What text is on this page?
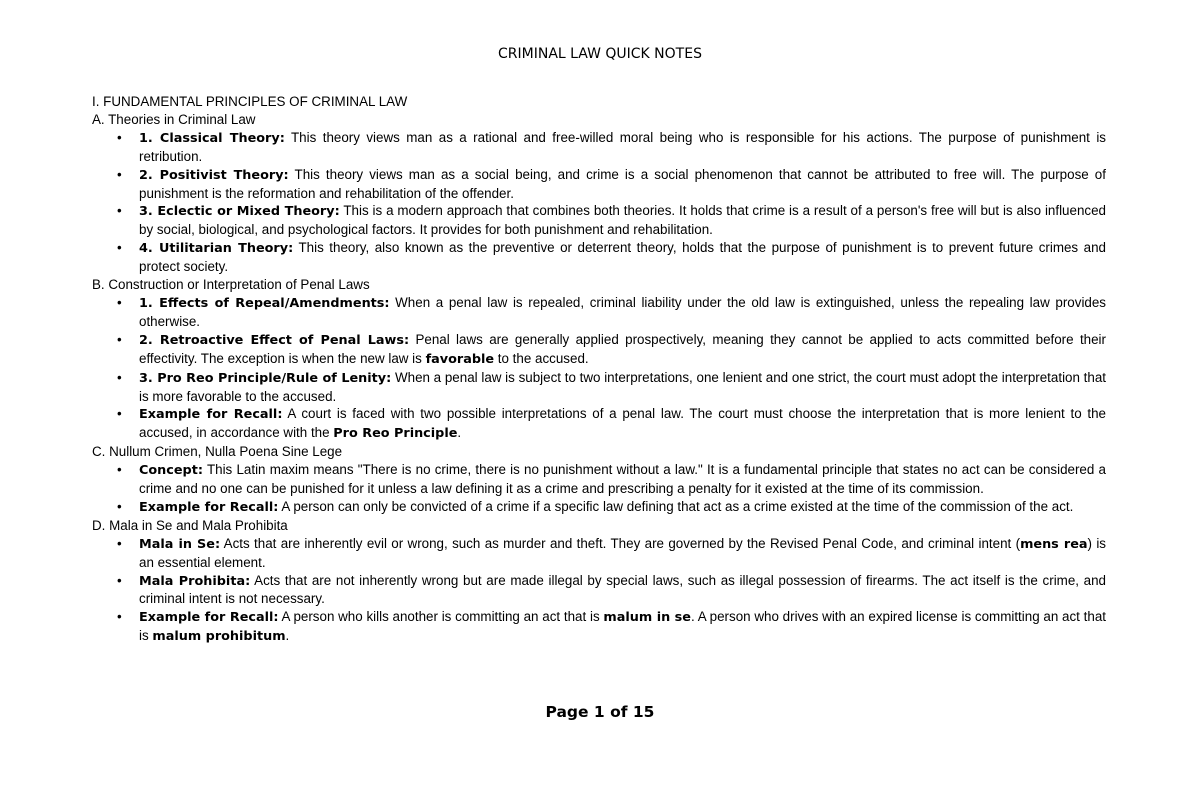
CRIMINAL LAW QUICK NOTES
I. FUNDAMENTAL PRINCIPLES OF CRIMINAL LAW
A. Theories in Criminal Law
• 1. Classical Theory: This theory views man as a rational and free-willed moral being who is responsible for his actions. The purpose of punishment is retribution.
• 2. Positivist Theory: This theory views man as a social being, and crime is a social phenomenon that cannot be attributed to free will. The purpose of punishment is the reformation and rehabilitation of the offender.
• 3. Eclectic or Mixed Theory: This is a modern approach that combines both theories. It holds that crime is a result of a person's free will but is also influenced by social, biological, and psychological factors. It provides for both punishment and rehabilitation.
• 4. Utilitarian Theory: This theory, also known as the preventive or deterrent theory, holds that the purpose of punishment is to prevent future crimes and protect society.
B. Construction or Interpretation of Penal Laws
• 1. Effects of Repeal/Amendments: When a penal law is repealed, criminal liability under the old law is extinguished, unless the repealing law provides otherwise.
• 2. Retroactive Effect of Penal Laws: Penal laws are generally applied prospectively, meaning they cannot be applied to acts committed before their effectivity. The exception is when the new law is favorable to the accused.
• 3. Pro Reo Principle/Rule of Lenity: When a penal law is subject to two interpretations, one lenient and one strict, the court must adopt the interpretation that is more favorable to the accused.
• Example for Recall: A court is faced with two possible interpretations of a penal law. The court must choose the interpretation that is more lenient to the accused, in accordance with the Pro Reo Principle.
C. Nullum Crimen, Nulla Poena Sine Lege
• Concept: This Latin maxim means "There is no crime, there is no punishment without a law." It is a fundamental principle that states no act can be considered a crime and no one can be punished for it unless a law defining it as a crime and prescribing a penalty for it existed at the time of its commission.
• Example for Recall: A person can only be convicted of a crime if a specific law defining that act as a crime existed at the time of the commission of the act.
D. Mala in Se and Mala Prohibita
• Mala in Se: Acts that are inherently evil or wrong, such as murder and theft. They are governed by the Revised Penal Code, and criminal intent (mens rea) is an essential element.
• Mala Prohibita: Acts that are not inherently wrong but are made illegal by special laws, such as illegal possession of firearms. The act itself is the crime, and criminal intent is not necessary.
• Example for Recall: A person who kills another is committing an act that is malum in se. A person who drives with an expired license is committing an act that is malum prohibitum.
Page 1 of 15
